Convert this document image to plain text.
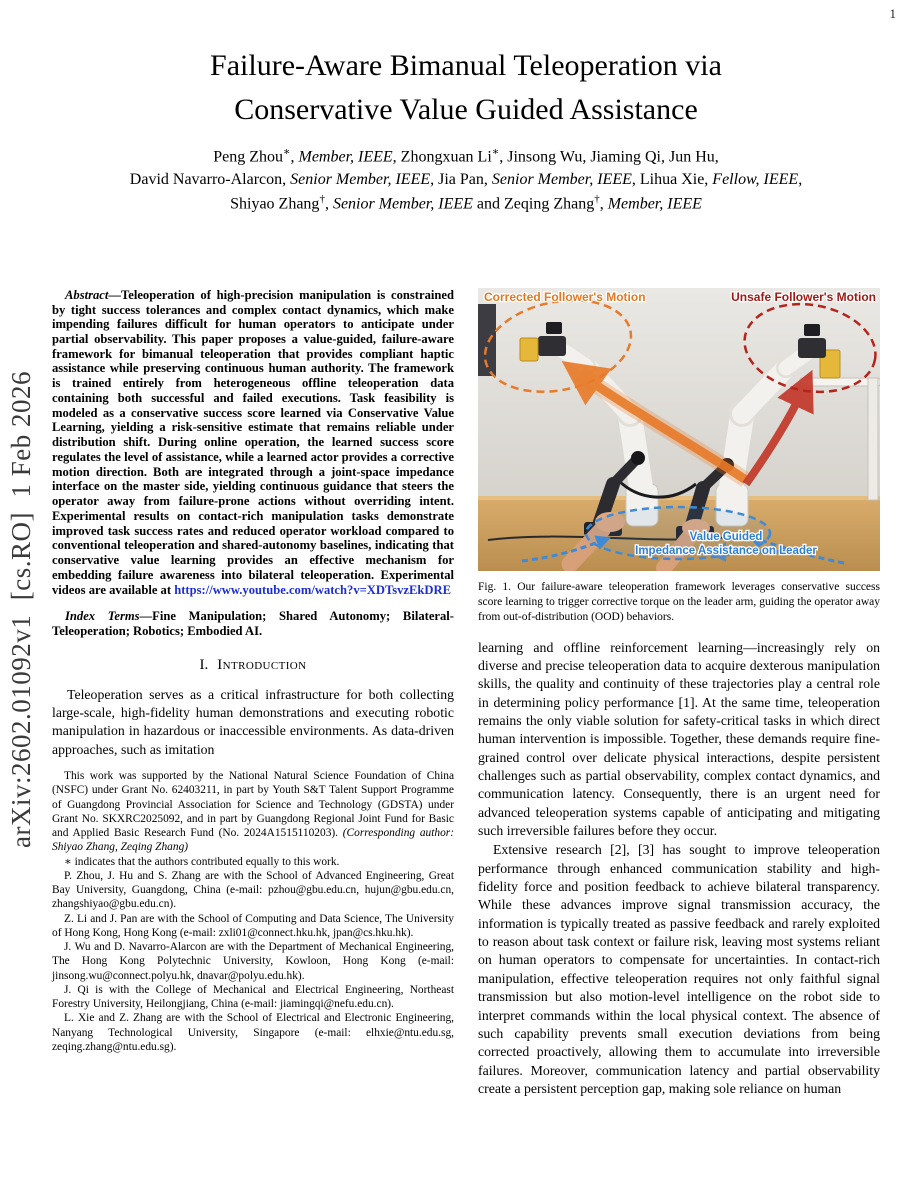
1
arXiv:2602.01092v1  [cs.RO]  1 Feb 2026
Failure-Aware Bimanual Teleoperation via
Conservative Value Guided Assistance
Peng Zhou∗, Member, IEEE, Zhongxuan Li∗, Jinsong Wu, Jiaming Qi, Jun Hu,
David Navarro-Alarcon, Senior Member, IEEE, Jia Pan, Senior Member, IEEE, Lihua Xie, Fellow, IEEE,
Shiyao Zhang†, Senior Member, IEEE and Zeqing Zhang†, Member, IEEE

Abstract—Teleoperation of high-precision manipulation is constrained by tight success tolerances and complex contact dynamics, which make impending failures difficult for human operators to anticipate under partial observability. This paper proposes a value-guided, failure-aware framework for bimanual teleoperation that provides compliant haptic assistance while preserving continuous human authority. The framework is trained entirely from heterogeneous offline teleoperation data containing both successful and failed executions. Task feasibility is modeled as a conservative success score learned via Conservative Value Learning, yielding a risk-sensitive estimate that remains reliable under distribution shift. During online operation, the learned success score regulates the level of assistance, while a learned actor provides a corrective motion direction. Both are integrated through a joint-space impedance interface on the master side, yielding continuous guidance that steers the operator away from failure-prone actions without overriding intent. Experimental results on contact-rich manipulation tasks demonstrate improved task success rates and reduced operator workload compared to conventional teleoperation and shared-autonomy baselines, indicating that conservative value learning provides an effective mechanism for embedding failure awareness into bilateral teleoperation. Experimental videos are available at https://www.youtube.com/watch?v=XDTsvzEkDRE

Index Terms—Fine Manipulation; Shared Autonomy; Bilateral-Teleoperation; Robotics; Embodied AI.

I. Introduction

Teleoperation serves as a critical infrastructure for both collecting large-scale, high-fidelity human demonstrations and executing robotic manipulation in hazardous or inaccessible environments. As data-driven approaches, such as imitation

This work was supported by the National Natural Science Foundation of China (NSFC) under Grant No. 62403211, in part by Youth S&T Talent Support Programme of Guangdong Provincial Association for Science and Technology (GDSTA) under Grant No. SKXRC2025092, and in part by Guangdong Regional Joint Fund for Basic and Applied Basic Research Fund (No. 2024A1515110203). (Corresponding author: Shiyao Zhang, Zeqing Zhang)

∗ indicates that the authors contributed equally to this work.

P. Zhou, J. Hu and S. Zhang are with the School of Advanced Engineering, Great Bay University, Guangdong, China (e-mail: pzhou@gbu.edu.cn, hujun@gbu.edu.cn, zhangshiyao@gbu.edu.cn).

Z. Li and J. Pan are with the School of Computing and Data Science, The University of Hong Kong, Hong Kong (e-mail: zxli01@connect.hku.hk, jpan@cs.hku.hk).

J. Wu and D. Navarro-Alarcon are with the Department of Mechanical Engineering, The Hong Kong Polytechnic University, Kowloon, Hong Kong (e-mail: jinsong.wu@connect.polyu.hk, dnavar@polyu.edu.hk).

J. Qi is with the College of Mechanical and Electrical Engineering, Northeast Forestry University, Heilongjiang, China (e-mail: jiamingqi@nefu.edu.cn).

L. Xie and Z. Zhang are with the School of Electrical and Electronic Engineering, Nanyang Technological University, Singapore (e-mail: elhxie@ntu.edu.sg, zeqing.zhang@ntu.edu.sg).

Corrected Follower's Motion	Unsafe Follower's Motion
Value Guided
Impedance Assistance on Leader
Fig. 1. Our failure-aware teleoperation framework leverages conservative success score learning to trigger corrective torque on the leader arm, guiding the operator away from out-of-distribution (OOD) behaviors.

learning and offline reinforcement learning—increasingly rely on diverse and precise teleoperation data to acquire dexterous manipulation skills, the quality and continuity of these trajectories play a central role in determining policy performance [1]. At the same time, teleoperation remains the only viable solution for safety-critical tasks in which direct human intervention is impossible. Together, these demands require fine-grained control over delicate physical interactions, despite persistent challenges such as partial observability, complex contact dynamics, and communication latency. Consequently, there is an urgent need for advanced teleoperation systems capable of anticipating and mitigating such irreversible failures before they occur.

Extensive research [2], [3] has sought to improve teleoperation performance through enhanced communication stability and high-fidelity force and position feedback to achieve bilateral transparency. While these advances improve signal transmission accuracy, the information is typically treated as passive feedback and rarely exploited to reason about task context or failure risk, leaving most systems reliant on human operators to compensate for uncertainties. In contact-rich manipulation, effective teleoperation requires not only faithful signal transmission but also motion-level intelligence on the robot side to interpret commands within the local physical context. The absence of such capability prevents small execution deviations from being corrected proactively, allowing them to accumulate into irreversible failures. Moreover, communication latency and partial observability create a persistent perception gap, making sole reliance on human
